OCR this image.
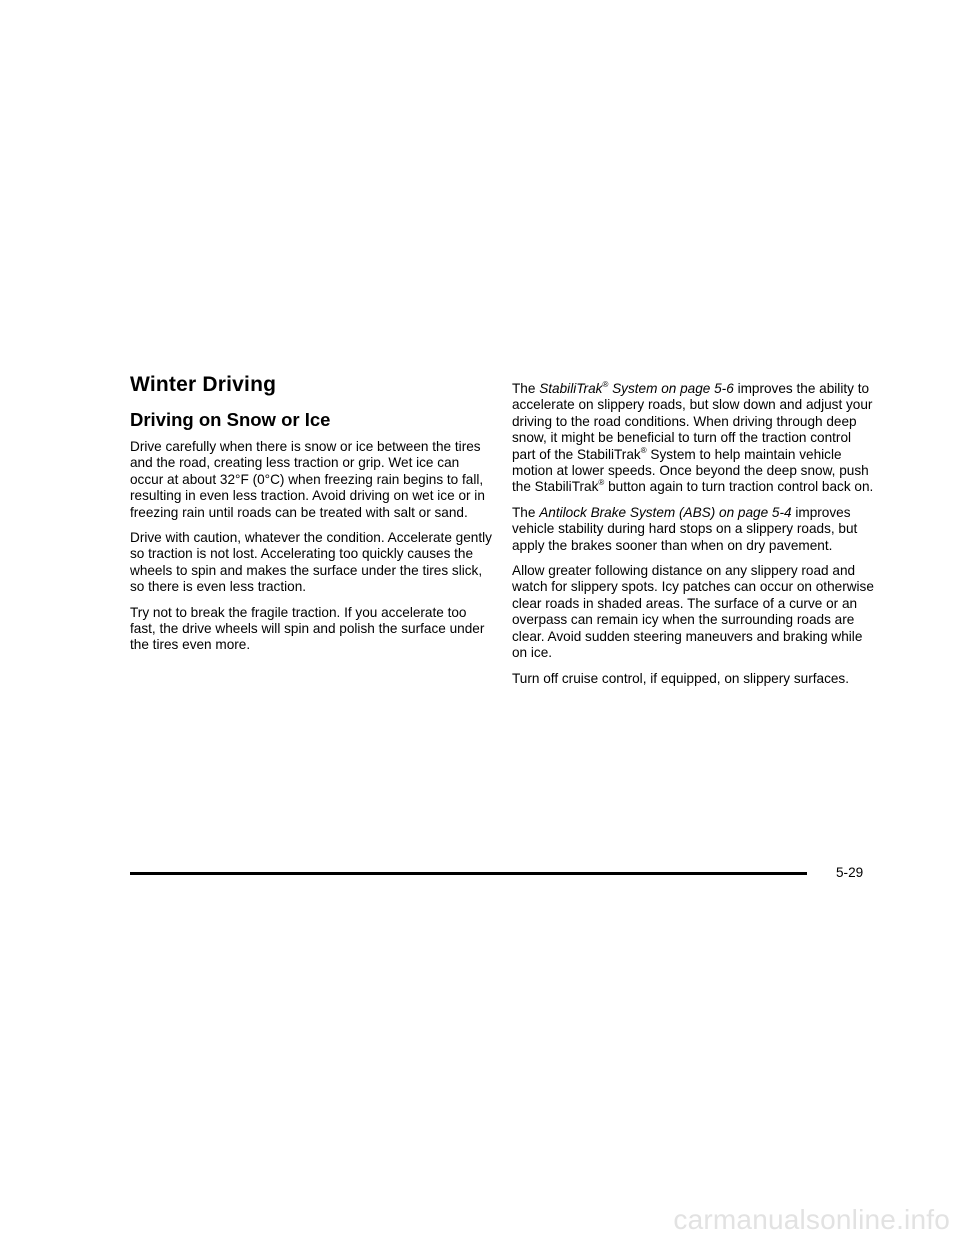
Winter Driving
Driving on Snow or Ice

Drive carefully when there is snow or ice between the tires and the road, creating less traction or grip. Wet ice can occur at about 32°F (0°C) when freezing rain begins to fall, resulting in even less traction. Avoid driving on wet ice or in freezing rain until roads can be treated with salt or sand.

Drive with caution, whatever the condition. Accelerate gently so traction is not lost. Accelerating too quickly causes the wheels to spin and makes the surface under the tires slick, so there is even less traction.

Try not to break the fragile traction. If you accelerate too fast, the drive wheels will spin and polish the surface under the tires even more.

The StabiliTrak® System on page 5-6 improves the ability to accelerate on slippery roads, but slow down and adjust your driving to the road conditions. When driving through deep snow, it might be beneficial to turn off the traction control part of the StabiliTrak® System to help maintain vehicle motion at lower speeds. Once beyond the deep snow, push the StabiliTrak® button again to turn traction control back on.

The Antilock Brake System (ABS) on page 5-4 improves vehicle stability during hard stops on a slippery roads, but apply the brakes sooner than when on dry pavement.

Allow greater following distance on any slippery road and watch for slippery spots. Icy patches can occur on otherwise clear roads in shaded areas. The surface of a curve or an overpass can remain icy when the surrounding roads are clear. Avoid sudden steering maneuvers and braking while on ice.

Turn off cruise control, if equipped, on slippery surfaces.

5-29
carmanualsonline.info
